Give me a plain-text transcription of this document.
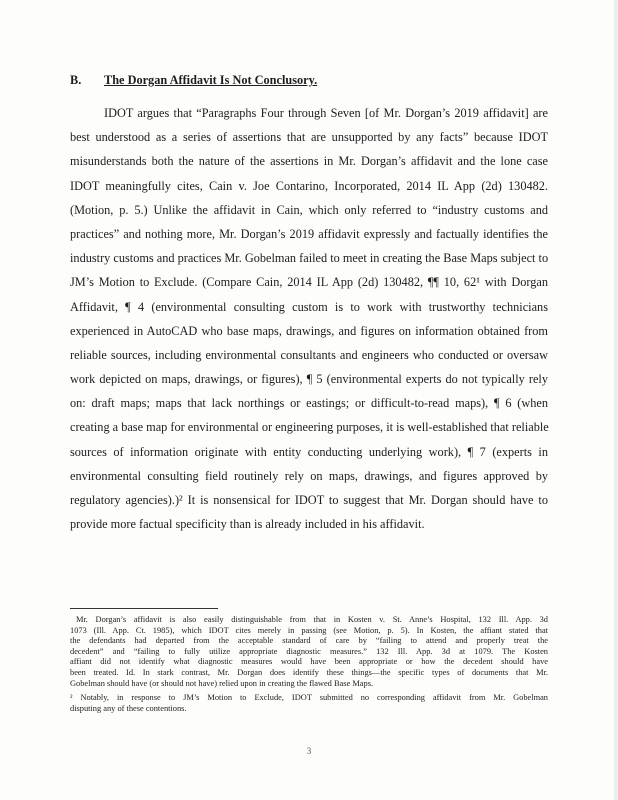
B. The Dorgan Affidavit Is Not Conclusory.
IDOT argues that “Paragraphs Four through Seven [of Mr. Dorgan’s 2019 affidavit] are
best understood as a series of assertions that are unsupported by any facts” because IDOT
misunderstands both the nature of the assertions in Mr. Dorgan’s affidavit and the lone case
IDOT meaningfully cites, Cain v. Joe Contarino, Incorporated, 2014 IL App (2d) 130482.
(Motion, p. 5.) Unlike the affidavit in Cain, which only referred to “industry customs and
practices” and nothing more, Mr. Dorgan’s 2019 affidavit expressly and factually identifies the
industry customs and practices Mr. Gobelman failed to meet in creating the Base Maps subject to
JM’s Motion to Exclude. (Compare Cain, 2014 IL App (2d) 130482, ¶¶ 10, 62¹ with Dorgan
Affidavit, ¶ 4 (environmental consulting custom is to work with trustworthy technicians
experienced in AutoCAD who base maps, drawings, and figures on information obtained from
reliable sources, including environmental consultants and engineers who conducted or oversaw
work depicted on maps, drawings, or figures), ¶ 5 (environmental experts do not typically rely
on: draft maps; maps that lack northings or eastings; or difficult-to-read maps), ¶ 6 (when
creating a base map for environmental or engineering purposes, it is well-established that reliable
sources of information originate with entity conducting underlying work), ¶ 7 (experts in
environmental consulting field routinely rely on maps, drawings, and figures approved by
regulatory agencies).)² It is nonsensical for IDOT to suggest that Mr. Dorgan should have to
provide more factual specificity than is already included in his affidavit.
Mr. Dorgan’s affidavit is also easily distinguishable from that in Kosten v. St. Anne’s Hospital, 132 Ill. App. 3d
1073 (Ill. App. Ct. 1985), which IDOT cites merely in passing (see Motion, p. 5). In Kosten, the affiant stated that
the defendants had departed from the acceptable standard of care by “failing to attend and properly treat the
decedent” and “failing to fully utilize appropriate diagnostic measures.” 132 Ill. App. 3d at 1079. The Kosten
affiant did not identify what diagnostic measures would have been appropriate or how the decedent should have
been treated. Id. In stark contrast, Mr. Dorgan does identify these things—the specific types of documents that Mr.
Gobelman should have (or should not have) relied upon in creating the flawed Base Maps.
² Notably, in response to JM’s Motion to Exclude, IDOT submitted no corresponding affidavit from Mr. Gobelman
disputing any of these contentions.
3
